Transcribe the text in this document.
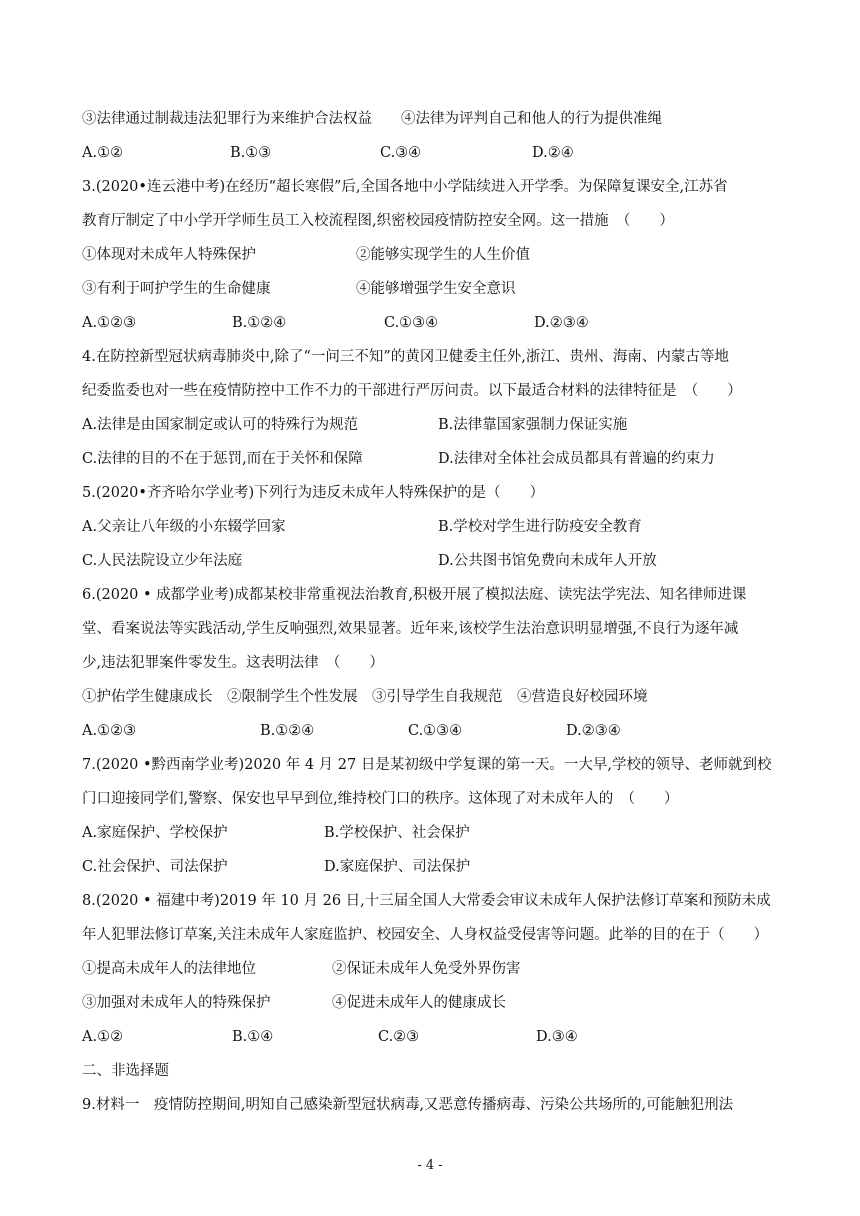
③法律通过制裁违法犯罪行为来维护合法权益　　④法律为评判自己和他人的行为提供准绳
A.①②	B.①③	C.③④	D.②④
3.(2020•连云港中考)在经历“超长寒假”后,全国各地中小学陆续进入开学季。为保障复课安全,江苏省
教育厅制定了中小学开学师生员工入校流程图,织密校园疫情防控安全网。这一措施　（　　）
①体现对未成年人特殊保护	②能够实现学生的人生价值
③有利于呵护学生的生命健康	④能够增强学生安全意识
A.①②③	B.①②④	C.①③④	D.②③④
4.在防控新型冠状病毒肺炎中,除了“一问三不知”的黄冈卫健委主任外,浙江、贵州、海南、内蒙古等地
纪委监委也对一些在疫情防控中工作不力的干部进行严厉问责。以下最适合材料的法律特征是　（　　）
A.法律是由国家制定或认可的特殊行为规范	B.法律靠国家强制力保证实施
C.法律的目的不在于惩罚,而在于关怀和保障	D.法律对全体社会成员都具有普遍的约束力
5.(2020•齐齐哈尔学业考)下列行为违反未成年人特殊保护的是（　　）
A.父亲让八年级的小东辍学回家	B.学校对学生进行防疫安全教育
C.人民法院设立少年法庭	D.公共图书馆免费向未成年人开放
6.(2020 • 成都学业考)成都某校非常重视法治教育,积极开展了模拟法庭、读宪法学宪法、知名律师进课
堂、看案说法等实践活动,学生反响强烈,效果显著。近年来,该校学生法治意识明显增强,不良行为逐年减
少,违法犯罪案件零发生。这表明法律　（　　）
①护佑学生健康成长　②限制学生个性发展　③引导学生自我规范　④营造良好校园环境
A.①②③	B.①②④	C.①③④	D.②③④
7.(2020 •黔西南学业考)2020 年 4 月 27 日是某初级中学复课的第一天。一大早,学校的领导、老师就到校
门口迎接同学们,警察、保安也早早到位,维持校门口的秩序。这体现了对未成年人的　（　　）
A.家庭保护、学校保护	B.学校保护、社会保护
C.社会保护、司法保护	D.家庭保护、司法保护
8.(2020 • 福建中考)2019 年 10 月 26 日,十三届全国人大常委会审议未成年人保护法修订草案和预防未成
年人犯罪法修订草案,关注未成年人家庭监护、校园安全、人身权益受侵害等问题。此举的目的在于（　　）
①提高未成年人的法律地位	②保证未成年人免受外界伤害
③加强对未成年人的特殊保护	④促进未成年人的健康成长
A.①②	B.①④	C.②③	D.③④
二、非选择题
9.材料一　疫情防控期间,明知自己感染新型冠状病毒,又恶意传播病毒、污染公共场所的,可能触犯刑法
- 4 -
